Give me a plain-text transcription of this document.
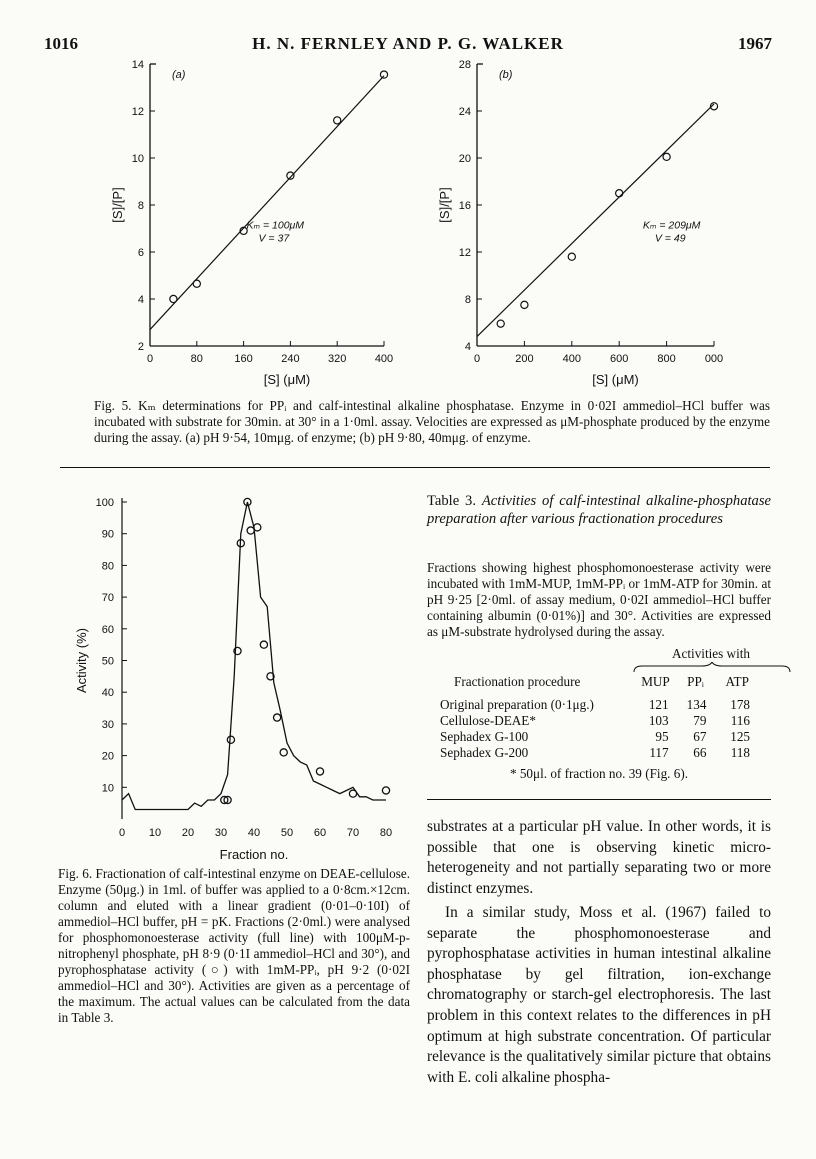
1016	H. N. FERNLEY AND P. G. WALKER	1967
2
4
6
8
10
12
14
0	80	160	240	320	400
(a)
Kₘ = 100μM
V = 37
[S]/[P]
[S] (μM)
4
8
12
16
20
24
28
0	200	400	600	800	000
(b)
Kₘ = 209μM
V = 49
[S]/[P]
[S] (μM)
Fig. 5. Kₘ determinations for PPᵢ and calf-intestinal alkaline phosphatase. Enzyme in 0·02I ammediol–HCl buffer was incubated with substrate for 30min. at 30° in a 1·0ml. assay. Velocities are expressed as μM-phosphate produced by the enzyme during the assay. (a) pH 9·54, 10mμg. of enzyme; (b) pH 9·80, 40mμg. of enzyme.
10
20
30
40
50
60
70
80
90
100
0 10 20 30 40 50 60 70 80
Activity (%)
Fraction no.
Fig. 6. Fractionation of calf-intestinal enzyme on DEAE-cellulose. Enzyme (50μg.) in 1ml. of buffer was applied to a 0·8cm.×12cm. column and eluted with a linear gradient (0·01–0·10I) of ammediol–HCl buffer, pH = pK. Fractions (2·0ml.) were analysed for phosphomonoesterase activity (full line) with 100μM-p-nitrophenyl phosphate, pH 8·9 (0·1I ammediol–HCl and 30°), and pyrophosphatase activity (○) with 1mM-PPᵢ, pH 9·2 (0·02I ammediol–HCl and 30°). Activities are given as a percentage of the maximum. The actual values can be calculated from the data in Table 3.
Table 3. Activities of calf-intestinal alkaline-phosphatase preparation after various fractionation procedures
Fractions showing highest phosphomonoesterase activity were incubated with 1mM-MUP, 1mM-PPᵢ or 1mM-ATP for 30min. at pH 9·25 [2·0ml. of assay medium, 0·02I ammediol–HCl buffer containing albumin (0·01%)] and 30°. Activities are expressed as μM-substrate hydrolysed during the assay.
Activities with
Fractionation procedure	MUP	PPᵢ	ATP

Original preparation (0·1μg.)	121	134	178
Cellulose-DEAE*	103	79	116
Sephadex G-100	95	67	125
Sephadex G-200	117	66	118
* 50μl. of fraction no. 39 (Fig. 6).
substrates at a particular pH value. In other words, it is possible that one is observing kinetic micro-heterogeneity and not partially separating two or more distinct enzymes.
In a similar study, Moss et al. (1967) failed to separate the phosphomonoesterase and pyrophosphatase activities in human intestinal alkaline phosphatase by gel filtration, ion-exchange chromatography or starch-gel electrophoresis. The last problem in this context relates to the differences in pH optimum at high substrate concentration. Of particular relevance is the qualitatively similar picture that obtains with E. coli alkaline phospha-
